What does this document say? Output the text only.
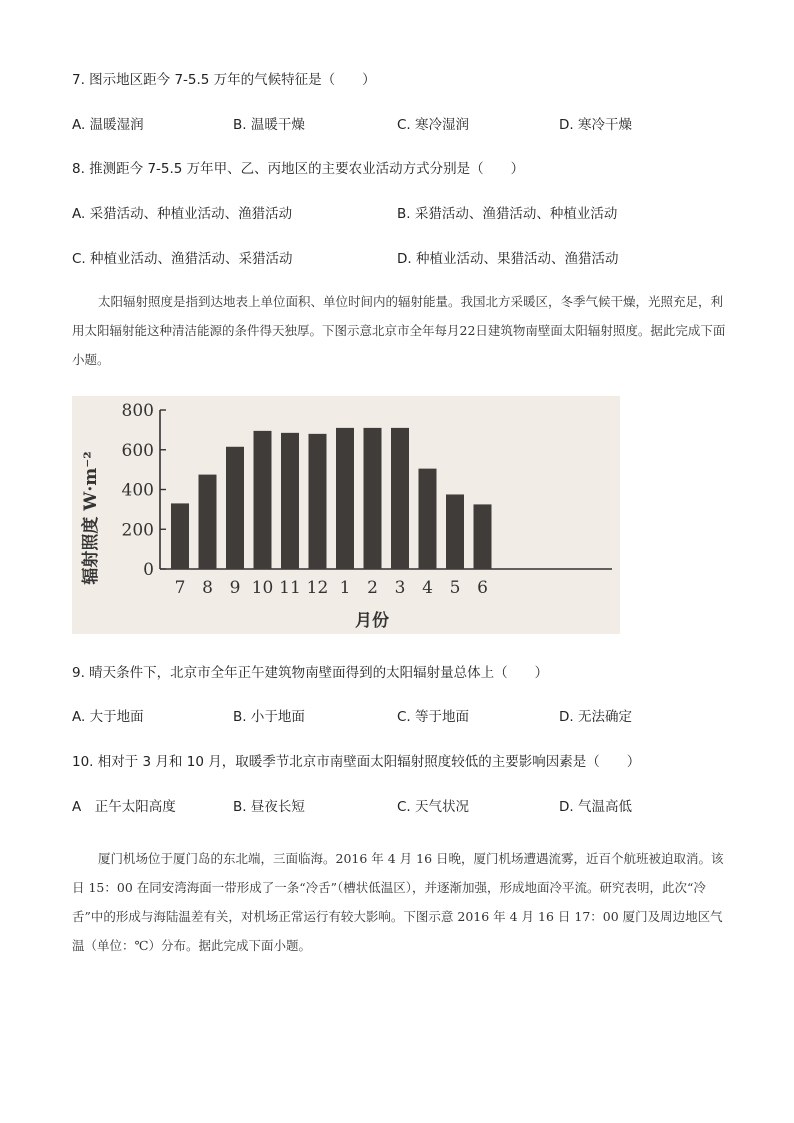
7. 图示地区距今 7-5.5 万年的气候特征是（　　）
A. 温暖湿润	B. 温暖干燥	C. 寒冷湿润	D. 寒冷干燥
8. 推测距今 7-5.5 万年甲、乙、丙地区的主要农业活动方式分别是（　　）
A. 采猎活动、种植业活动、渔猎活动	B. 采猎活动、渔猎活动、种植业活动
C. 种植业活动、渔猎活动、采猎活动	D. 种植业活动、果猎活动、渔猎活动

太阳辐射照度是指到达地表上单位面积、单位时间内的辐射能量。我国北方采暖区，冬季气候干燥，光照充足，利用太阳辐射能这种清洁能源的条件得天独厚。下图示意北京市全年每月22日建筑物南壁面太阳辐射照度。据此完成下面小题。

辐射照度 W·m⁻² 0
200
400
600
800
7 8 9 10 11 12 1 2 3 4 5 6
月份
9. 晴天条件下，北京市全年正午建筑物南壁面得到的太阳辐射量总体上（　　）
A. 大于地面	B. 小于地面	C. 等于地面	D. 无法确定
10. 相对于 3 月和 10 月，取暖季节北京市南壁面太阳辐射照度较低的主要影响因素是（　　）
A　正午太阳高度	B. 昼夜长短	C. 天气状况	D. 气温高低

厦门机场位于厦门岛的东北端，三面临海。2016 年 4 月 16 日晚，厦门机场遭遇流雾，近百个航班被迫取消。该日 15：00 在同安湾海面一带形成了一条“冷舌”（槽状低温区），并逐渐加强，形成地面冷平流。研究表明，此次“冷舌”中的形成与海陆温差有关，对机场正常运行有较大影响。下图示意 2016 年 4 月 16 日 17：00 厦门及周边地区气温（单位：℃）分布。据此完成下面小题。
